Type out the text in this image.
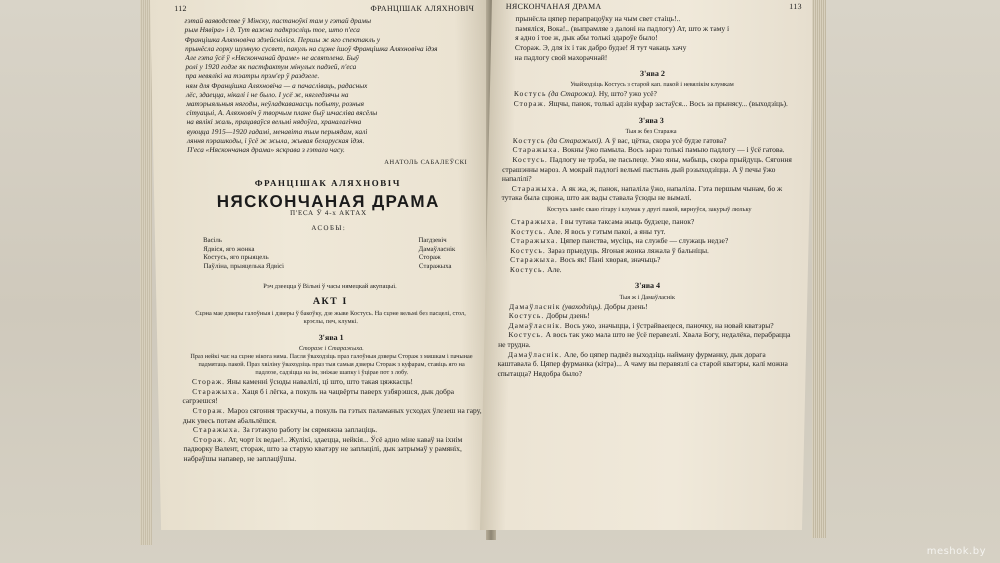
112	ФРАНЦІШАК АЛЯХНОВІЧ

гэтай ваяводстве ў Мінску, пастаноўкі там у гэтай драмы

рым Нявіра» і д. Тут важна падкрэсліць тое, што п'еса

Францішка Аляхновіча здзейсніліся. Першы ж яго спектакль у

прынёсла горку шумную сусвет, пакуль на сцэне ішоў Францішка Аляхновіча ідэя

Але гэта ўсё ў «Няскончанай драме» не асвятлена. Быў

ролі у 1920 годзе як пастфактум мінулых падзей, п'еса

пра невялікі на тэатры прэм'ер ў раздзеле.

ням для Францішка Аляхновіча — а пачасліваць, радасных

лёс, здаецца, нікалі і не было. І усё ж, нягледзячы на

матэрыяльныя нягоды, неўладкаванасць побыту, розныя

сітуацыі, А. Аляхновіч ў творчым плане быў шчасліва вясёлы

на вялікі жаль, працаваўся вельмі нядоўга, храналагічна

вуюцца 1915—1920 гадамі, менавіта тым перыядам, калі

ляння пэрашкоды, і ўсё ж жыла, жывая беларуская ідэя.

П'еса «Няскончаная драма» яскрава з гэтага часу.

АНАТОЛЬ САБАЛЕЎСКІ
ФРАНЦІШАК АЛЯХНОВІЧ
НЯСКОНЧАНАЯ ДРАМА
П'ЕСА Ў 4-х АКТАХ
АСОБЫ:
Васіль
Ядвіся, яго жонка
Костусь, яго прыяцель
Паўліна, прыяцелька Ядвісі
Пагдзевіч
Дамаўласнік
Стораж
Старажыха
Рэч дзеецца ў Вільні ў часы нямецкай акупацыі.
АКТ I
Сцэна мае дзверы галоўныя і дзверы ў бакоўку, дзе жыве Костусь. На сцэне вельмі без пасцелі, стол, крэслы, печ, клумкі.
З'ява 1
Стораж і Старажыха.
Праз нейкі час на сцэне нікога няма. Пасля ўваходзіць праз галоўныя дзверы Стораж з мяшкам і пачынае падмятаць пакой. Праз хвіліну ўваходзіць праз тыя самыя дзверы Стораж з куфарам, ставіць яго на падлозе, садзіцца на ім, зніжае шапку і ўцірае пот з лобу.
Стораж. Яны каменні ўсюды навалілі, ці што, што такая цяжкасць!
Старажыха. Хаця б і лёгка, а покуль на чацвёрты паверх узбярэшся, дык добра сагрэешся!
Стораж. Мароз сягоння траскучы, а покуль па гэтых паламаных усходах ўлезеш на гару, дык увесь потам абальлёшся.
Старажыха. За гэтакую работу ім сярмяжна заплаціць.
Стораж. Ат, чорт іх ведае!.. Жулікі, здаецца, нейкія... Ўсё адно міне каваў на іхнім падворку Валент, стораж, што за старую кватэру не заплацілі, дык затрымаў у рамяніх, набраўшы напавер, не заплаціўшы.
НЯСКОНЧАНАЯ ДРАМА	113
прынёсла цяпер перапрацоўку на чым свет стаіць!..
памяліся, Вока!.. (выпрамляе з далоні на падлогу) Ат, што ж таму і
я адно і тое ж, дык абы толькі здароўе было!
Стораж. Э, для іх і так дабро будзе! Я тут чакаць хачу
на падлогу свой махорачнай!
З'ява 2
Увайходзіць Костусь з старой кап. пакой і невялікім клумкам
Костусь (да Старожа). Ну, што? ужо усё?
Стораж. Ящчы, панок, толькі адзін куфар застаўся... Вось за прынясу... (выходзіць).
З'ява 3
Тыя ж без Стаража
Костусь (да Старажыхі). А ў вас, цётка, скора усё будзе гатова?
Старажыха. Вокны ўжо памыла. Вось зараз толькі памыю падлогу — і ўсё гатова.
Костусь. Падлогу не трэба, не пасьпеце. Ужо яны, мабыць, скора прыйдуць. Сягоння страшэнны мароз. А мокрай падлогі вельмі пастынь дый рэзыходзіцца. А ў печы ўжо напалілі?
Старажыха. А як жа, ж, панок, напаліла ўжо, напаліла. Гэта першым чынам, бо ж тутака была сцюжа, што аж вады ставала ўсюды не вымалі.
Костусь занёс сваю гітару і клумак у другі пакой, вярнуўся, закурыў люльку
Старажыха. І вы тутака таксама жыць будзеце, панок?
Костусь. Але. Я вось у гэтым пакоі, а яны тут.
Старажыха. Цяпер панства, мусіць, на службе — служаць недзе?
Костусь. Зараз прыедуць. Ягоная жонка ляжала ў бальніцы.
Старажыха. Вось як! Пані хворая, значыць?
Костусь. Але.
З'ява 4
Тыя ж і Дамаўласнік
Дамаўласнік (уваходзіць). Добры дзень!
Костусь. Добры дзень!
Дамаўласнік. Вось ужо, значыцца, і ўстрайваецеся, паночку, на новай кватэры?
Костусь. А вось так ужо мала што не ўсё перавезлі. Хвала Богу, недалёка, перабрацца не трудна.
Дамаўласнік. Але, бо цяпер падвёз выходзіць найману фурманку, дык дорага каштавала б. Цяпер фурманка (кітра)... А чаму вы перавязлі са старой кватэры, калі можна спытацца? Нядобра было?
meshok.by
